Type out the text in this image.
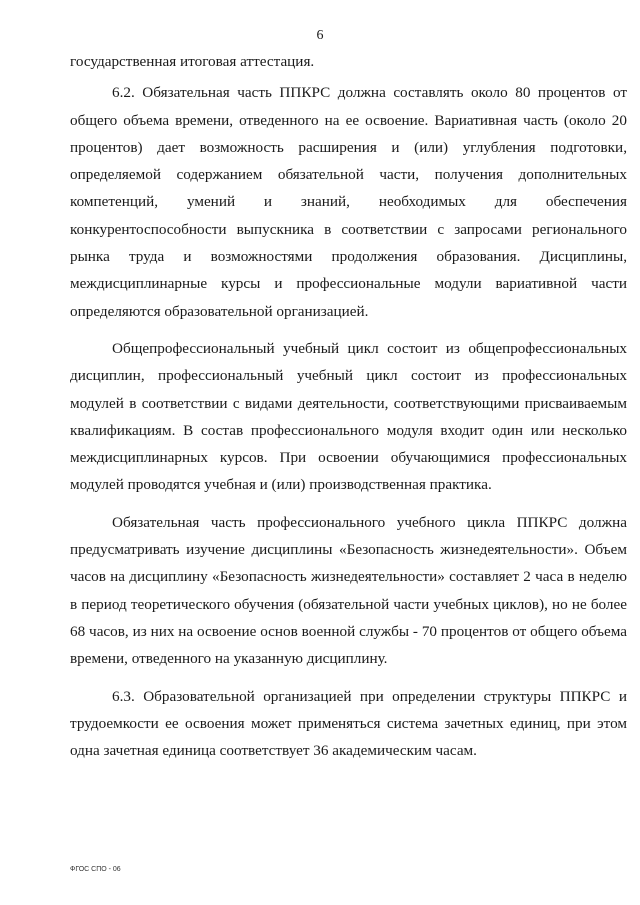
6

государственная итоговая аттестация.

6.2. Обязательная часть ППКРС должна составлять около 80 процентов от общего объема времени, отведенного на ее освоение. Вариативная часть (около 20 процентов) дает возможность расширения и (или) углубления подготовки, определяемой содержанием обязательной части, получения дополнительных компетенций, умений и знаний, необходимых для обеспечения конкурентоспособности выпускника в соответствии с запросами регионального рынка труда и возможностями продолжения образования. Дисциплины, междисциплинарные курсы и профессиональные модули вариативной части определяются образовательной организацией.

Общепрофессиональный учебный цикл состоит из общепрофессиональных дисциплин, профессиональный учебный цикл состоит из профессиональных модулей в соответствии с видами деятельности, соответствующими присваиваемым квалификациям. В состав профессионального модуля входит один или несколько междисциплинарных курсов. При освоении обучающимися профессиональных модулей проводятся учебная и (или) производственная практика.

Обязательная часть профессионального учебного цикла ППКРС должна предусматривать изучение дисциплины «Безопасность жизнедеятельности». Объем часов на дисциплину «Безопасность жизнедеятельности» составляет 2 часа в неделю в период теоретического обучения (обязательной части учебных циклов), но не более 68 часов, из них на освоение основ военной службы - 70 процентов от общего объема времени, отведенного на указанную дисциплину.

6.3. Образовательной организацией при определении структуры ППКРС и трудоемкости ее освоения может применяться система зачетных единиц, при этом одна зачетная единица соответствует 36 академическим часам.

ФГОС СПО - 06
